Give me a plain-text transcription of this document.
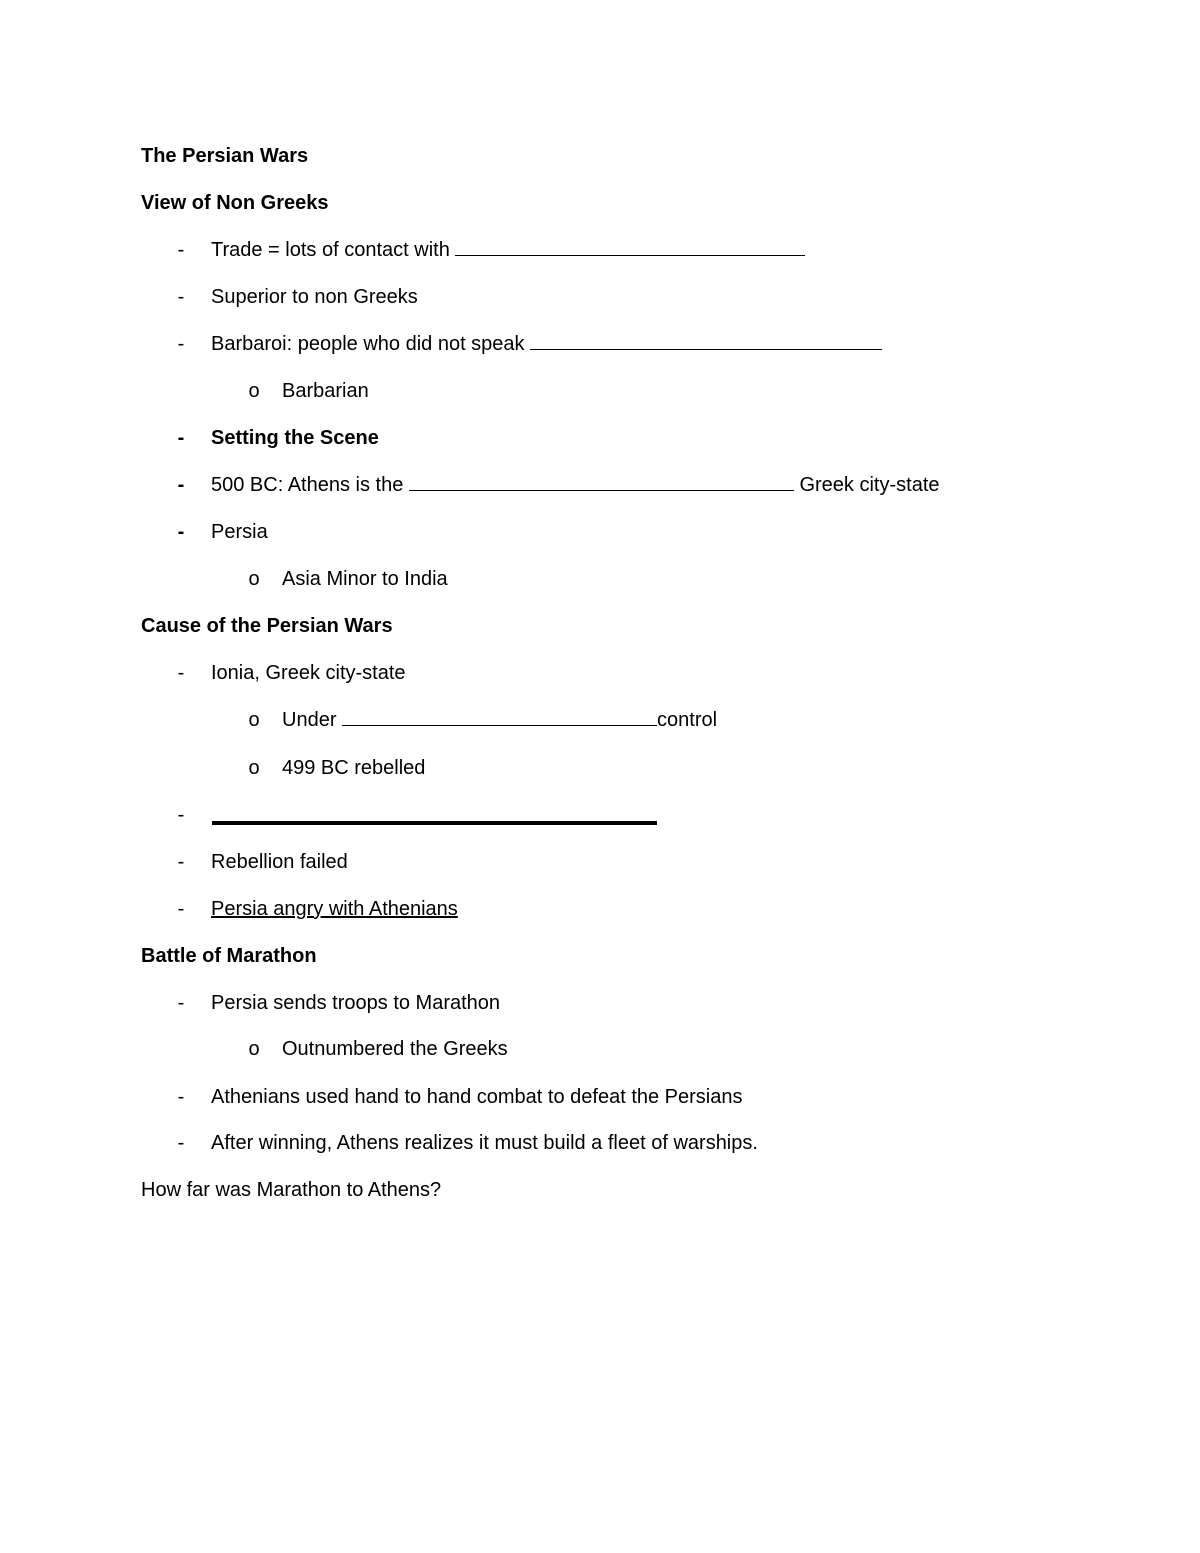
The Persian Wars
View of Non Greeks
-	Trade = lots of contact with
-	Superior to non Greeks
-	Barbaroi: people who did not speak
o Barbarian
-	Setting the Scene
-	500 BC: Athens is the	Greek city-state
-	Persia
o Asia Minor to India
Cause of the Persian Wars
-	Ionia, Greek city-state
o Under	control
o 499 BC rebelled
-
-	Rebellion failed
-	Persia angry with Athenians
Battle of Marathon
-	Persia sends troops to Marathon
o Outnumbered the Greeks
-	Athenians used hand to hand combat to defeat the Persians
-	After winning, Athens realizes it must build a fleet of warships.
How far was Marathon to Athens?
